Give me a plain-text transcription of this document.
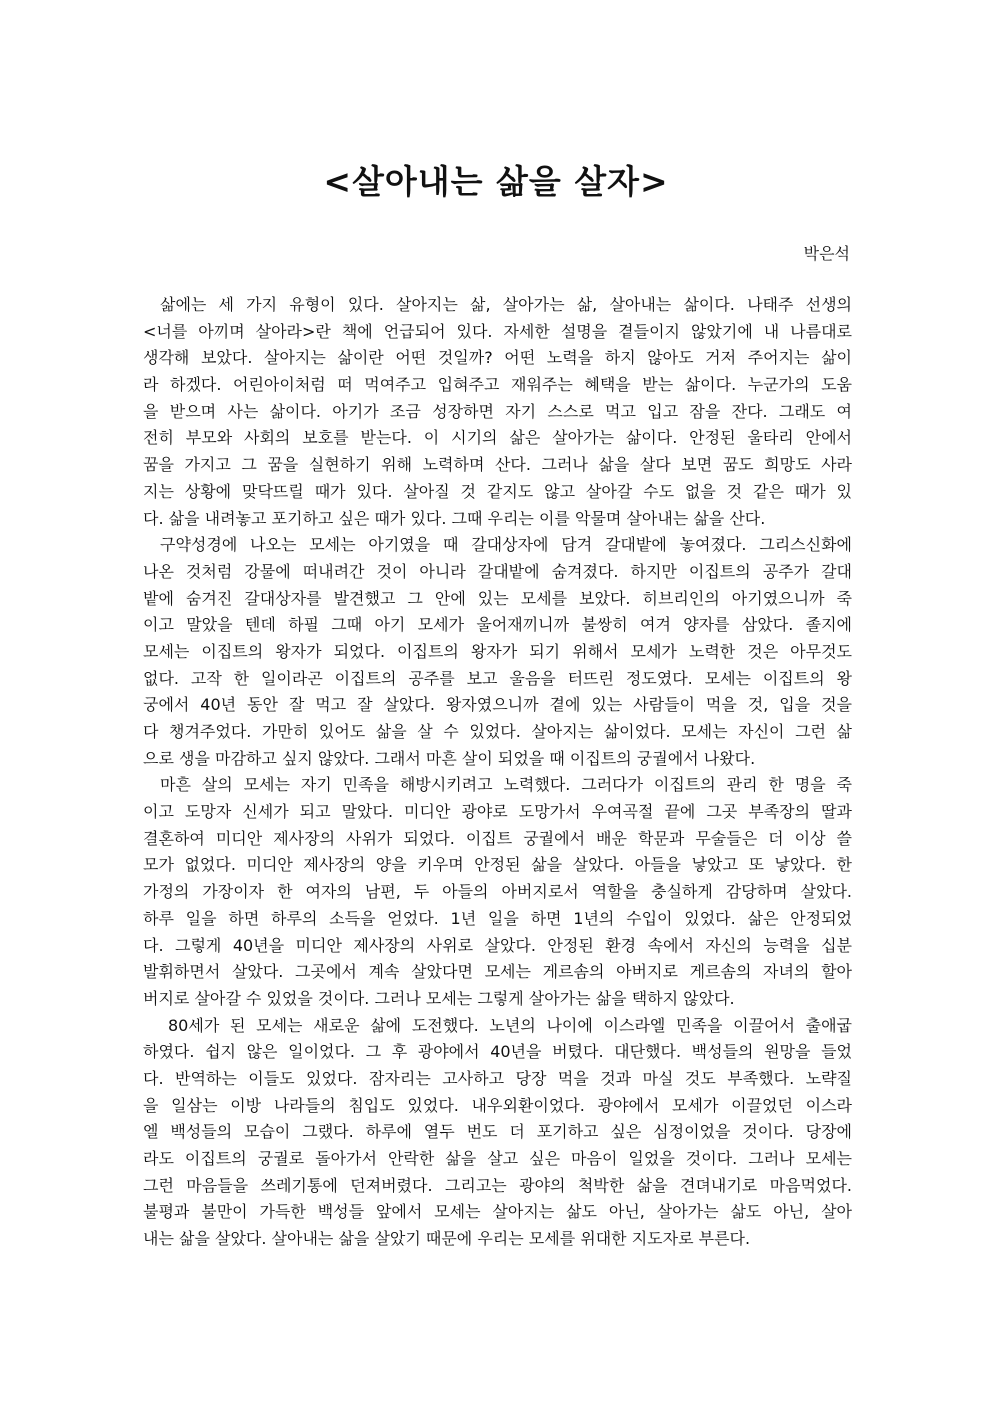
<살아내는 삶을 살자>
박은석
삶에는 세 가지 유형이 있다. 살아지는 삶, 살아가는 삶, 살아내는 삶이다. 나태주 선생의
<너를 아끼며 살아라>란 책에 언급되어 있다. 자세한 설명을 곁들이지 않았기에 내 나름대로
생각해 보았다. 살아지는 삶이란 어떤 것일까? 어떤 노력을 하지 않아도 거저 주어지는 삶이
라 하겠다. 어린아이처럼 떠 먹여주고 입혀주고 재워주는 혜택을 받는 삶이다. 누군가의 도움
을 받으며 사는 삶이다. 아기가 조금 성장하면 자기 스스로 먹고 입고 잠을 잔다. 그래도 여
전히 부모와 사회의 보호를 받는다. 이 시기의 삶은 살아가는 삶이다. 안정된 울타리 안에서
꿈을 가지고 그 꿈을 실현하기 위해 노력하며 산다. 그러나 삶을 살다 보면 꿈도 희망도 사라
지는 상황에 맞닥뜨릴 때가 있다. 살아질 것 같지도 않고 살아갈 수도 없을 것 같은 때가 있
다. 삶을 내려놓고 포기하고 싶은 때가 있다. 그때 우리는 이를 악물며 살아내는 삶을 산다.
구약성경에 나오는 모세는 아기였을 때 갈대상자에 담겨 갈대밭에 놓여졌다. 그리스신화에
나온 것처럼 강물에 떠내려간 것이 아니라 갈대밭에 숨겨졌다. 하지만 이집트의 공주가 갈대
밭에 숨겨진 갈대상자를 발견했고 그 안에 있는 모세를 보았다. 히브리인의 아기였으니까 죽
이고 말았을 텐데 하필 그때 아기 모세가 울어재끼니까 불쌍히 여겨 양자를 삼았다. 졸지에
모세는 이집트의 왕자가 되었다. 이집트의 왕자가 되기 위해서 모세가 노력한 것은 아무것도
없다. 고작 한 일이라곤 이집트의 공주를 보고 울음을 터뜨린 정도였다. 모세는 이집트의 왕
궁에서 40년 동안 잘 먹고 잘 살았다. 왕자였으니까 곁에 있는 사람들이 먹을 것, 입을 것을
다 챙겨주었다. 가만히 있어도 삶을 살 수 있었다. 살아지는 삶이었다. 모세는 자신이 그런 삶
으로 생을 마감하고 싶지 않았다. 그래서 마흔 살이 되었을 때 이집트의 궁궐에서 나왔다.
마흔 살의 모세는 자기 민족을 해방시키려고 노력했다. 그러다가 이집트의 관리 한 명을 죽
이고 도망자 신세가 되고 말았다. 미디안 광야로 도망가서 우여곡절 끝에 그곳 부족장의 딸과
결혼하여 미디안 제사장의 사위가 되었다. 이집트 궁궐에서 배운 학문과 무술들은 더 이상 쓸
모가 없었다. 미디안 제사장의 양을 키우며 안정된 삶을 살았다. 아들을 낳았고 또 낳았다. 한
가정의 가장이자 한 여자의 남편, 두 아들의 아버지로서 역할을 충실하게 감당하며 살았다.
하루 일을 하면 하루의 소득을 얻었다. 1년 일을 하면 1년의 수입이 있었다. 삶은 안정되었
다. 그렇게 40년을 미디안 제사장의 사위로 살았다. 안정된 환경 속에서 자신의 능력을 십분
발휘하면서 살았다. 그곳에서 계속 살았다면 모세는 게르솜의 아버지로 게르솜의 자녀의 할아
버지로 살아갈 수 있었을 것이다. 그러나 모세는 그렇게 살아가는 삶을 택하지 않았다.
80세가 된 모세는 새로운 삶에 도전했다. 노년의 나이에 이스라엘 민족을 이끌어서 출애굽
하였다. 쉽지 않은 일이었다. 그 후 광야에서 40년을 버텼다. 대단했다. 백성들의 원망을 들었
다. 반역하는 이들도 있었다. 잠자리는 고사하고 당장 먹을 것과 마실 것도 부족했다. 노략질
을 일삼는 이방 나라들의 침입도 있었다. 내우외환이었다. 광야에서 모세가 이끌었던 이스라
엘 백성들의 모습이 그랬다. 하루에 열두 번도 더 포기하고 싶은 심정이었을 것이다. 당장에
라도 이집트의 궁궐로 돌아가서 안락한 삶을 살고 싶은 마음이 일었을 것이다. 그러나 모세는
그런 마음들을 쓰레기통에 던져버렸다. 그리고는 광야의 척박한 삶을 견뎌내기로 마음먹었다.
불평과 불만이 가득한 백성들 앞에서 모세는 살아지는 삶도 아닌, 살아가는 삶도 아닌, 살아
내는 삶을 살았다. 살아내는 삶을 살았기 때문에 우리는 모세를 위대한 지도자로 부른다.
